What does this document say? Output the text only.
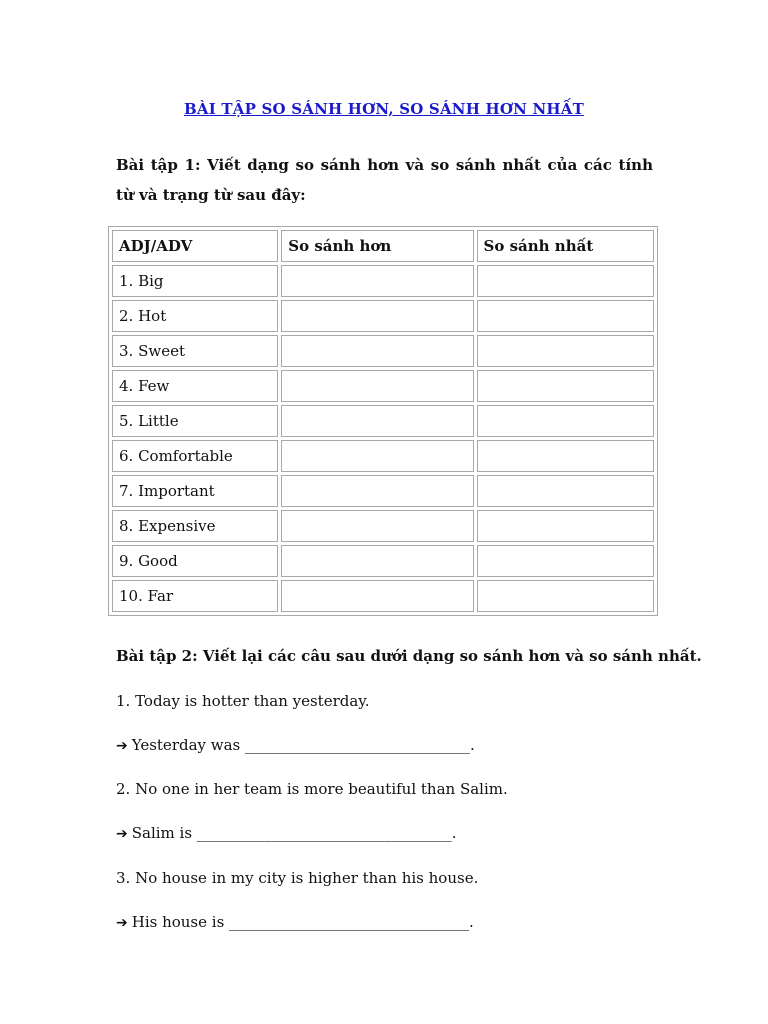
BÀI TẬP SO SÁNH HƠN, SO SÁNH HƠN NHẤT
Bài tập 1: Viết dạng so sánh hơn và so sánh nhất của các tính từ và trạng từ sau đây:
ADJ/ADV	So sánh hơn	So sánh nhất
1. Big		
2. Hot		
3. Sweet		
4. Few		
5. Little		
6. Comfortable		
7. Important		
8. Expensive		
9. Good		
10. Far		
Bài tập 2: Viết lại các câu sau dưới dạng so sánh hơn và so sánh nhất.
1. Today is hotter than yesterday.
➔ Yesterday was ______________________________.
2. No one in her team is more beautiful than Salim.
➔ Salim is __________________________________.
3. No house in my city is higher than his house.
➔ His house is ________________________________.
